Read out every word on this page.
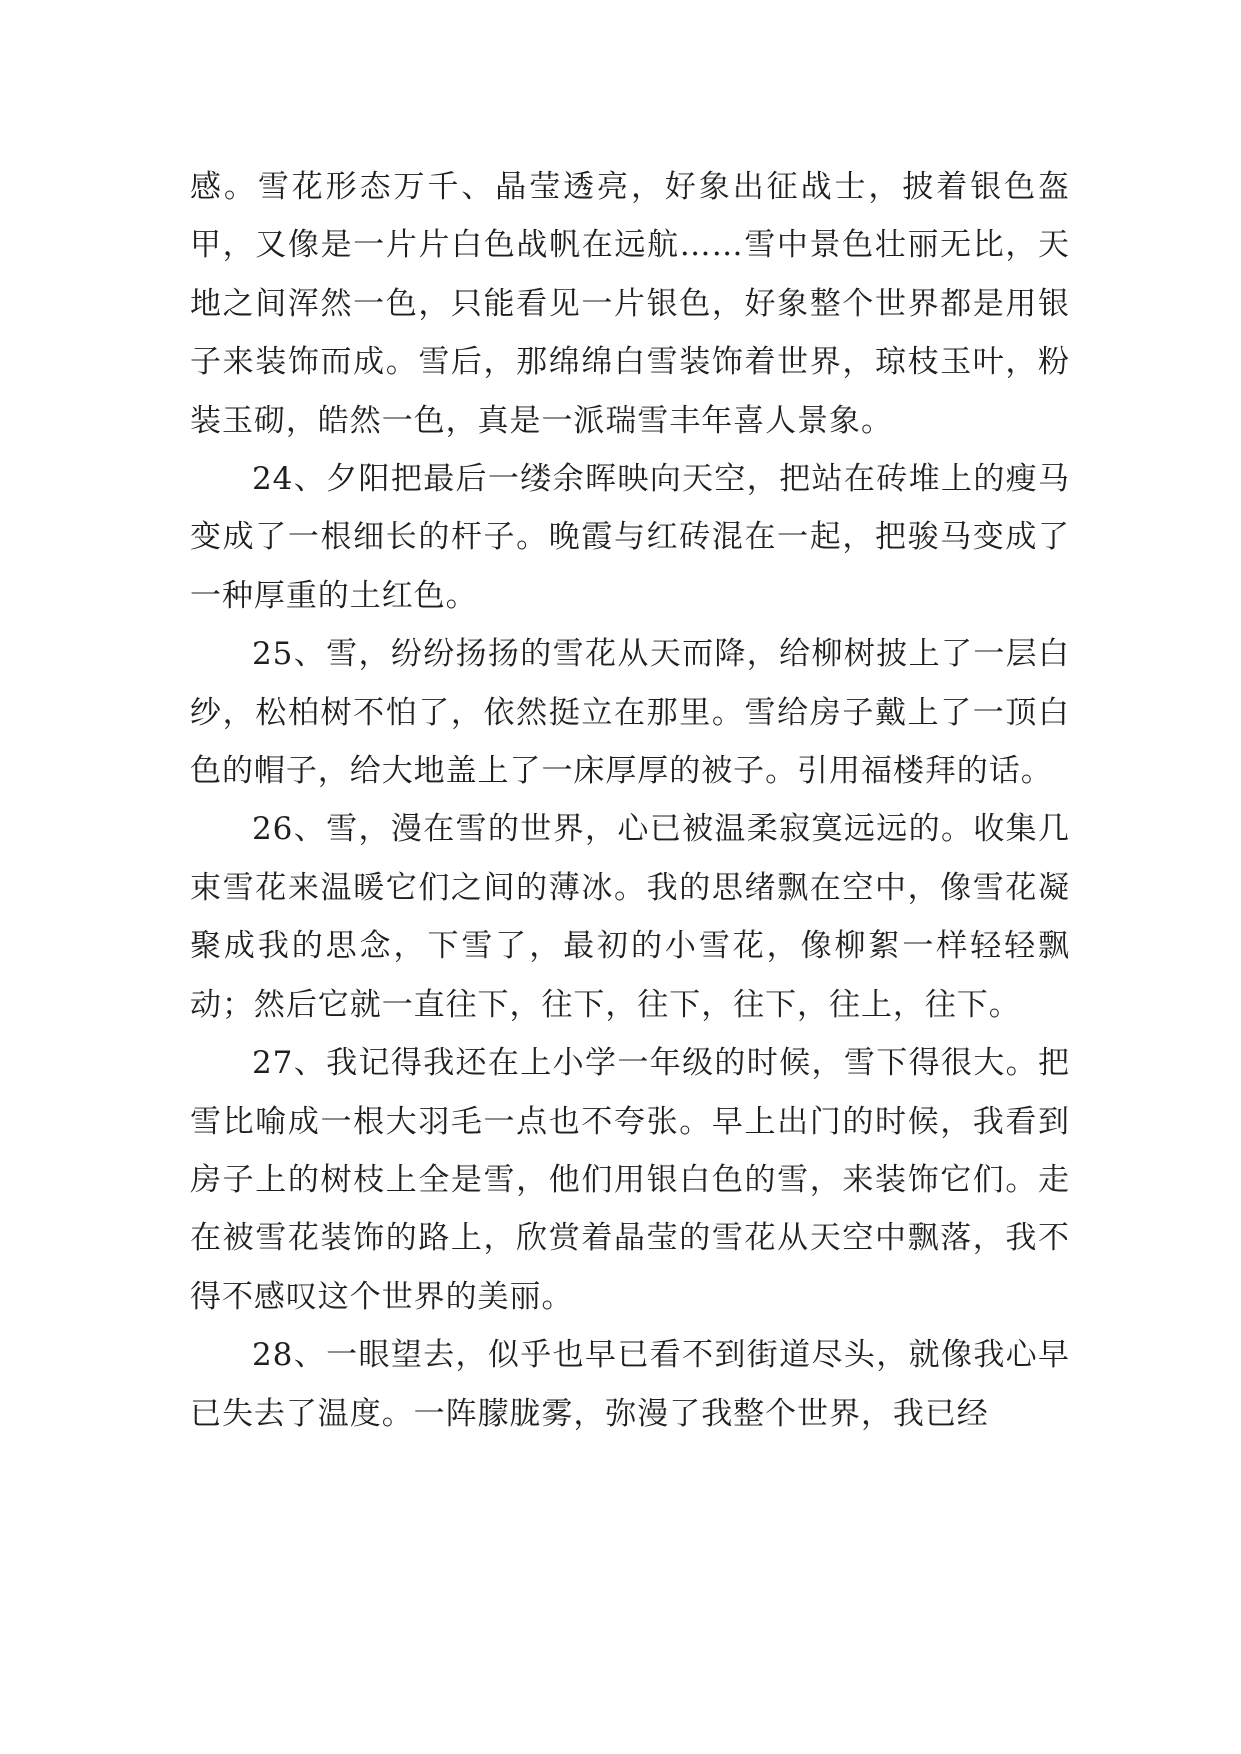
感。雪花形态万千、晶莹透亮，好象出征战士，披着银色盔甲，又像是一片片白色战帆在远航……雪中景色壮丽无比，天地之间浑然一色，只能看见一片银色，好象整个世界都是用银子来装饰而成。雪后，那绵绵白雪装饰着世界，琼枝玉叶，粉装玉砌，皓然一色，真是一派瑞雪丰年喜人景象。

24、夕阳把最后一缕余晖映向天空，把站在砖堆上的瘦马变成了一根细长的杆子。晚霞与红砖混在一起，把骏马变成了一种厚重的土红色。

25、雪，纷纷扬扬的雪花从天而降，给柳树披上了一层白纱，松柏树不怕了，依然挺立在那里。雪给房子戴上了一顶白色的帽子，给大地盖上了一床厚厚的被子。引用福楼拜的话。

26、雪，漫在雪的世界，心已被温柔寂寞远远的。收集几束雪花来温暖它们之间的薄冰。我的思绪飘在空中，像雪花凝聚成我的思念，下雪了，最初的小雪花，像柳絮一样轻轻飘动；然后它就一直往下，往下，往下，往下，往上，往下。

27、我记得我还在上小学一年级的时候，雪下得很大。把雪比喻成一根大羽毛一点也不夸张。早上出门的时候，我看到房子上的树枝上全是雪，他们用银白色的雪，来装饰它们。走在被雪花装饰的路上，欣赏着晶莹的雪花从天空中飘落，我不得不感叹这个世界的美丽。

28、一眼望去，似乎也早已看不到街道尽头，就像我心早已失去了温度。一阵朦胧雾，弥漫了我整个世界，我已经
